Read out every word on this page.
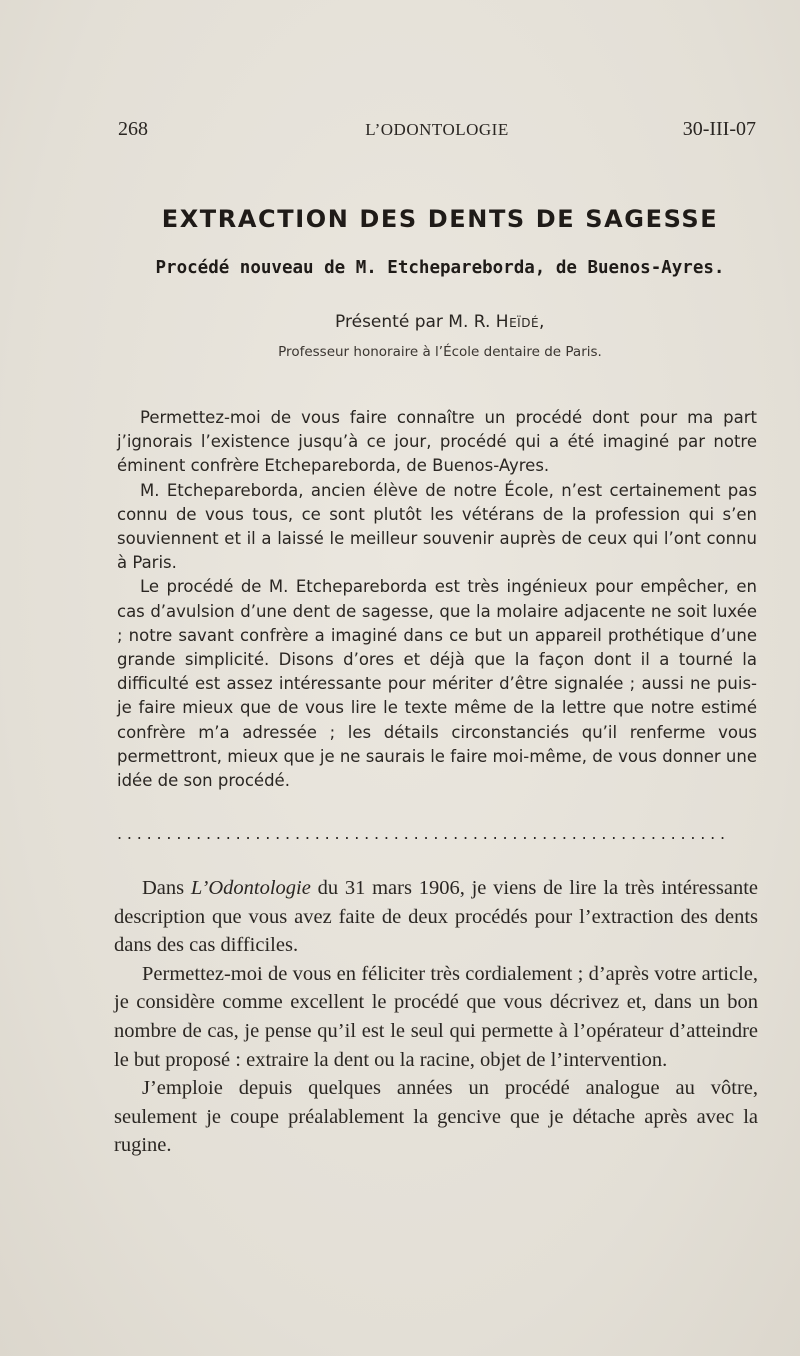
268	L’ODONTOLOGIE	30-III-07
EXTRACTION DES DENTS DE SAGESSE
Procédé nouveau de M. Etchepareborda, de Buenos-Ayres.
Présenté par M. R. Heïdé,
Professeur honoraire à l’École dentaire de Paris.

Permettez-moi de vous faire connaître un procédé dont pour ma part j’ignorais l’existence jusqu’à ce jour, procédé qui a été imaginé par notre éminent confrère Etchepareborda, de Buenos-Ayres.

M. Etchepareborda, ancien élève de notre École, n’est certainement pas connu de vous tous, ce sont plutôt les vétérans de la profession qui s’en souviennent et il a laissé le meilleur souvenir auprès de ceux qui l’ont connu à Paris.

Le procédé de M. Etchepareborda est très ingénieux pour empêcher, en cas d’avulsion d’une dent de sagesse, que la molaire adjacente ne soit luxée ; notre savant confrère a imaginé dans ce but un appareil prothétique d’une grande simplicité. Disons d’ores et déjà que la façon dont il a tourné la difficulté est assez intéressante pour mériter d’être signalée ; aussi ne puis-je faire mieux que de vous lire le texte même de la lettre que notre estimé confrère m’a adressée ; les détails circonstanciés qu’il renferme vous permettront, mieux que je ne saurais le faire moi-même, de vous donner une idée de son procédé.

..............................................................

Dans L’Odontologie du 31 mars 1906, je viens de lire la très intéressante description que vous avez faite de deux procédés pour l’extraction des dents dans des cas difficiles.

Permettez-moi de vous en féliciter très cordialement ; d’après votre article, je considère comme excellent le procédé que vous décrivez et, dans un bon nombre de cas, je pense qu’il est le seul qui permette à l’opérateur d’atteindre le but proposé : extraire la dent ou la racine, objet de l’intervention.

J’emploie depuis quelques années un procédé analogue au vôtre, seulement je coupe préalablement la gencive que je détache après avec la rugine.
